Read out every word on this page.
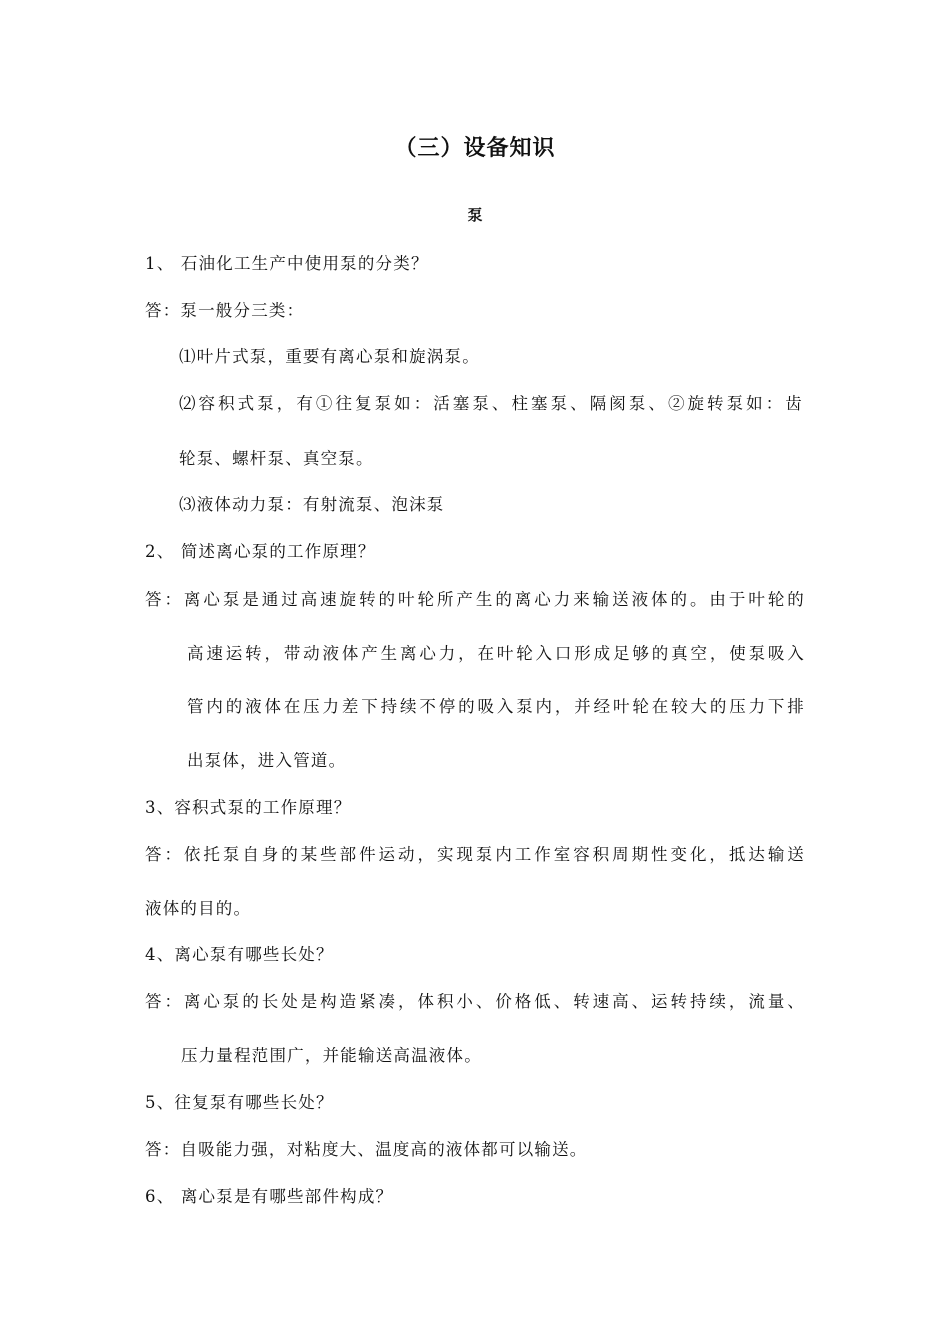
（三）设备知识
泵
1、 石油化工生产中使用泵的分类？
答：泵一般分三类：
⑴叶片式泵，重要有离心泵和旋涡泵。
⑵容积式泵，有①往复泵如：活塞泵、柱塞泵、隔阂泵、②旋转泵如：齿
轮泵、螺杆泵、真空泵。
⑶液体动力泵：有射流泵、泡沫泵
2、 简述离心泵的工作原理？
答：离心泵是通过高速旋转的叶轮所产生的离心力来输送液体的。由于叶轮的
高速运转，带动液体产生离心力，在叶轮入口形成足够的真空，使泵吸入
管内的液体在压力差下持续不停的吸入泵内，并经叶轮在较大的压力下排
出泵体，进入管道。
3、容积式泵的工作原理？
答：依托泵自身的某些部件运动，实现泵内工作室容积周期性变化，抵达输送
液体的目的。
4、离心泵有哪些长处？
答：离心泵的长处是构造紧凑，体积小、价格低、转速高、运转持续，流量、
压力量程范围广，并能输送高温液体。
5、往复泵有哪些长处？
答：自吸能力强，对粘度大、温度高的液体都可以输送。
6、 离心泵是有哪些部件构成？
